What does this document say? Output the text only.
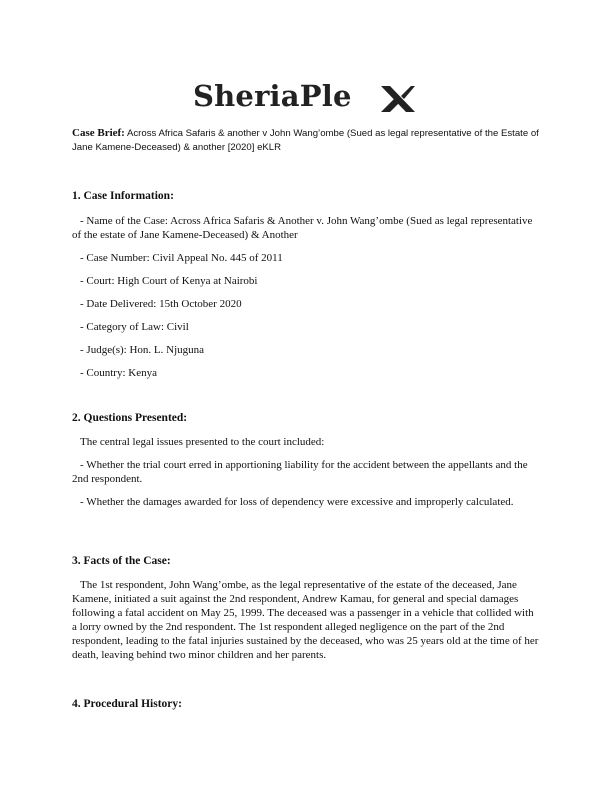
SheriaPle
Case Brief: Across Africa Safaris & another v John Wang’ombe (Sued as legal representative of the Estate of Jane Kamene-Deceased) & another [2020] eKLR
1. Case Information:
- Name of the Case: Across Africa Safaris & Another v. John Wang’ombe (Sued as legal representative of the estate of Jane Kamene-Deceased) & Another
- Case Number: Civil Appeal No. 445 of 2011
- Court: High Court of Kenya at Nairobi
- Date Delivered: 15th October 2020
- Category of Law: Civil
- Judge(s): Hon. L. Njuguna
- Country: Kenya
2. Questions Presented:
The central legal issues presented to the court included:
- Whether the trial court erred in apportioning liability for the accident between the appellants and the 2nd respondent.
- Whether the damages awarded for loss of dependency were excessive and improperly calculated.
3. Facts of the Case:
The 1st respondent, John Wang’ombe, as the legal representative of the estate of the deceased, Jane Kamene, initiated a suit against the 2nd respondent, Andrew Kamau, for general and special damages following a fatal accident on May 25, 1999. The deceased was a passenger in a vehicle that collided with a lorry owned by the 2nd respondent. The 1st respondent alleged negligence on the part of the 2nd respondent, leading to the fatal injuries sustained by the deceased, who was 25 years old at the time of her death, leaving behind two minor children and her parents.
4. Procedural History:
